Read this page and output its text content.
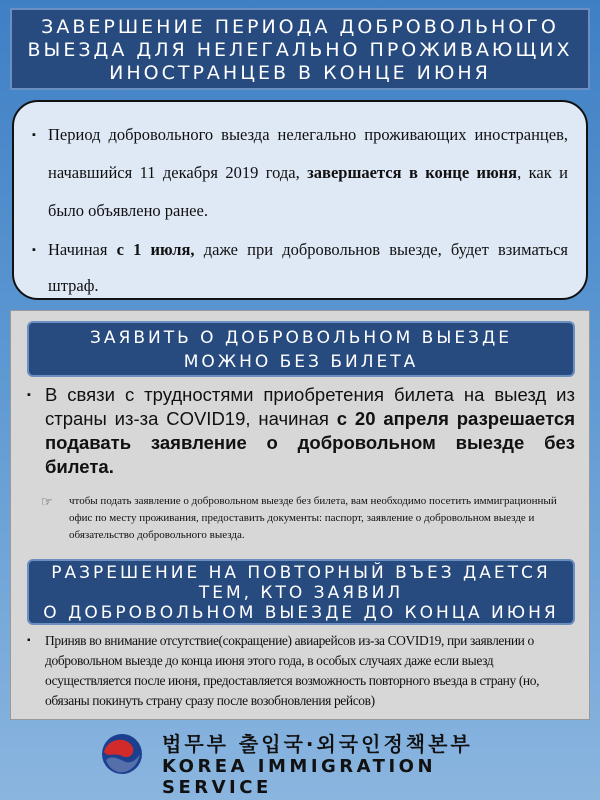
ЗАВЕРШЕНИЕ ПЕРИОДА ДОБРОВОЛЬНОГО
ВЫЕЗДА ДЛЯ НЕЛЕГАЛЬНО ПРОЖИВАЮЩИХ
ИНОСТРАНЦЕВ В КОНЦЕ ИЮНЯ
▪ Период добровольного выезда нелегально проживающих иностранцев, начавшийся 11 декабря 2019 года, завершается в конце июня, как и было объявлено ранее.
▪ Начиная с 1 июля, даже при добровольнов выезде, будет взиматься штраф.
ЗАЯВИТЬ О ДОБРОВОЛЬНОМ ВЫЕЗДЕ
МОЖНО БЕЗ БИЛЕТА
▪ В связи с трудностями приобретения билета на выезд из страны из-за COVID19, начиная с 20 апреля разрешается подавать заявление о добровольном выезде без билета.
☞ чтобы подать заявление о добровольном выезде без билета, вам необходимо посетить иммиграционный офис по месту проживания, предоставить документы: паспорт, заявление о добровольном выезде и обязательство добровольного выезда.
РАЗРЕШЕНИЕ НА ПОВТОРНЫЙ ВЪЕЗ ДАЕТСЯ
ТЕМ, КТО ЗАЯВИЛ
О ДОБРОВОЛЬНОМ ВЫЕЗДЕ ДО КОНЦА ИЮНЯ
▪ Приняв во внимание отсутствие(сокращение) авиарейсов из-за COVID19, при заявлении о добровольном выезде до конца июня этого года, в особых случаях даже если выезд осуществляется после июня, предоставляется возможность повторного въезда в страну (но, обязаны покинуть страну сразу после возобновления рейсов)
법무부 출입국·외국인정책본부
KOREA IMMIGRATION SERVICE
